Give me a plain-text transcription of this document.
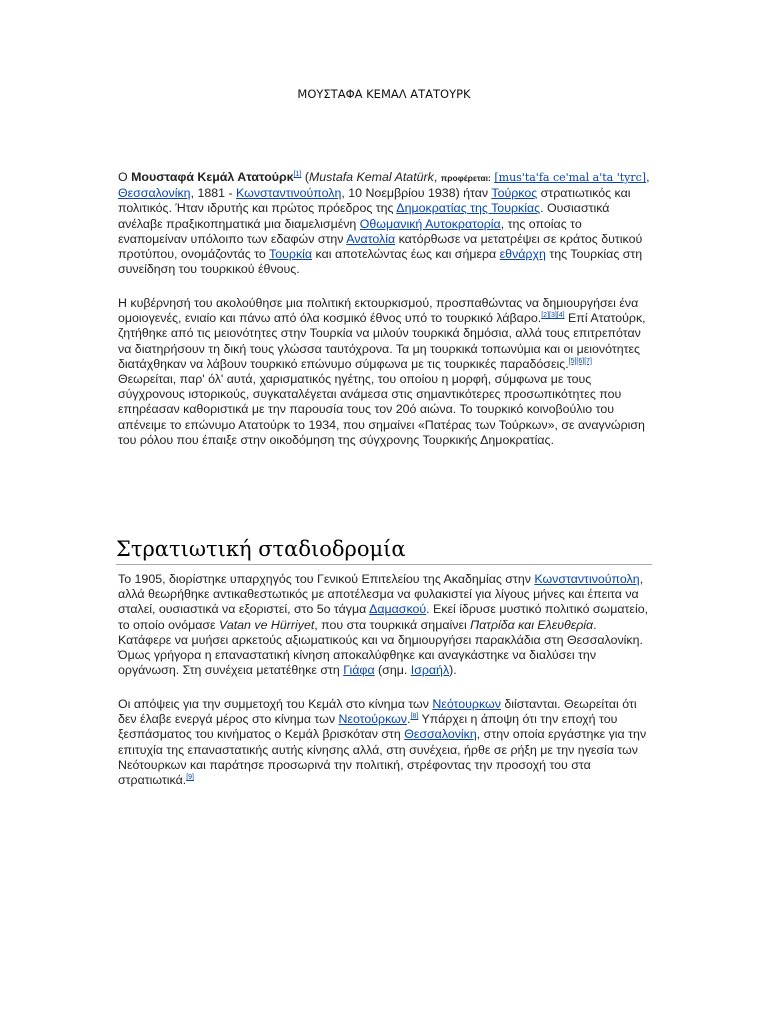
ΜΟΥΣΤΑΦΑ ΚΕΜΑΛ ΑΤΑΤΟΥΡΚ

Ο Μουσταφά Κεμάλ Ατατούρκ[1] (Mustafa Kemal Atatürk, προφέρεται: [mus'ta'fa ce'mal a'ta 'tyrc], Θεσσαλονίκη, 1881 - Κωνσταντινούπολη, 10 Νοεμβρίου 1938) ήταν Τούρκος στρατιωτικός και πολιτικός. Ήταν ιδρυτής και πρώτος πρόεδρος της Δημοκρατίας της Τουρκίας. Ουσιαστικά ανέλαβε πραξικοπηματικά μια διαμελισμένη Οθωμανική Αυτοκρατορία, της οποίας το εναπομείναν υπόλοιπο των εδαφών στην Ανατολία κατόρθωσε να μετατρέψει σε κράτος δυτικού προτύπου, ονομάζοντάς το Τουρκία και αποτελώντας έως και σήμερα εθνάρχη της Τουρκίας στη συνείδηση του τουρκικού έθνους.

Η κυβέρνησή του ακολούθησε μια πολιτική εκτουρκισμού, προσπαθώντας να δημιουργήσει ένα ομοιογενές, ενιαίο και πάνω από όλα κοσμικό έθνος υπό το τουρκικό λάβαρο.[2][3][4] Επί Ατατούρκ, ζητήθηκε από τις μειονότητες στην Τουρκία να μιλούν τουρκικά δημόσια, αλλά τους επιτρεπόταν να διατηρήσουν τη δική τους γλώσσα ταυτόχρονα. Τα μη τουρκικά τοπωνύμια και οι μειονότητες διατάχθηκαν να λάβουν τουρκικό επώνυμο σύμφωνα με τις τουρκικές παραδόσεις.[5][6][7] Θεωρείται, παρ' όλ' αυτά, χαρισματικός ηγέτης, του οποίου η μορφή, σύμφωνα με τους σύγχρονους ιστορικούς, συγκαταλέγεται ανάμεσα στις σημαντικότερες προσωπικότητες που επηρέασαν καθοριστικά με την παρουσία τους τον 20ό αιώνα. Το τουρκικό κοινοβούλιο του απένειμε το επώνυμο Ατατούρκ το 1934, που σημαίνει «Πατέρας των Τούρκων», σε αναγνώριση του ρόλου που έπαιξε στην οικοδόμηση της σύγχρονης Τουρκικής Δημοκρατίας.

Στρατιωτική σταδιοδρομία

Το 1905, διορίστηκε υπαρχηγός του Γενικού Επιτελείου της Ακαδημίας στην Κωνσταντινούπολη, αλλά θεωρήθηκε αντικαθεστωτικός με αποτέλεσμα να φυλακιστεί για λίγους μήνες και έπειτα να σταλεί, ουσιαστικά να εξοριστεί, στο 5ο τάγμα Δαμασκού. Εκεί ίδρυσε μυστικό πολιτικό σωματείο, το οποίο ονόμασε Vatan ve Hürriyet, που στα τουρκικά σημαίνει Πατρίδα και Ελευθερία. Κατάφερε να μυήσει αρκετούς αξιωματικούς και να δημιουργήσει παρακλάδια στη Θεσσαλονίκη. Όμως γρήγορα η επαναστατική κίνηση αποκαλύφθηκε και αναγκάστηκε να διαλύσει την οργάνωση. Στη συνέχεια μετατέθηκε στη Γιάφα (σημ. Ισραήλ).

Οι απόψεις για την συμμετοχή του Κεμάλ στο κίνημα των Νεότουρκων διίστανται. Θεωρείται ότι δεν έλαβε ενεργά μέρος στο κίνημα των Νεοτούρκων.[8] Υπάρχει η άποψη ότι την εποχή του ξεσπάσματος του κινήματος ο Κεμάλ βρισκόταν στη Θεσσαλονίκη, στην οποία εργάστηκε για την επιτυχία της επαναστατικής αυτής κίνησης αλλά, στη συνέχεια, ήρθε σε ρήξη με την ηγεσία των Νεότουρκων και παράτησε προσωρινά την πολιτική, στρέφοντας την προσοχή του στα στρατιωτικά.[9]
